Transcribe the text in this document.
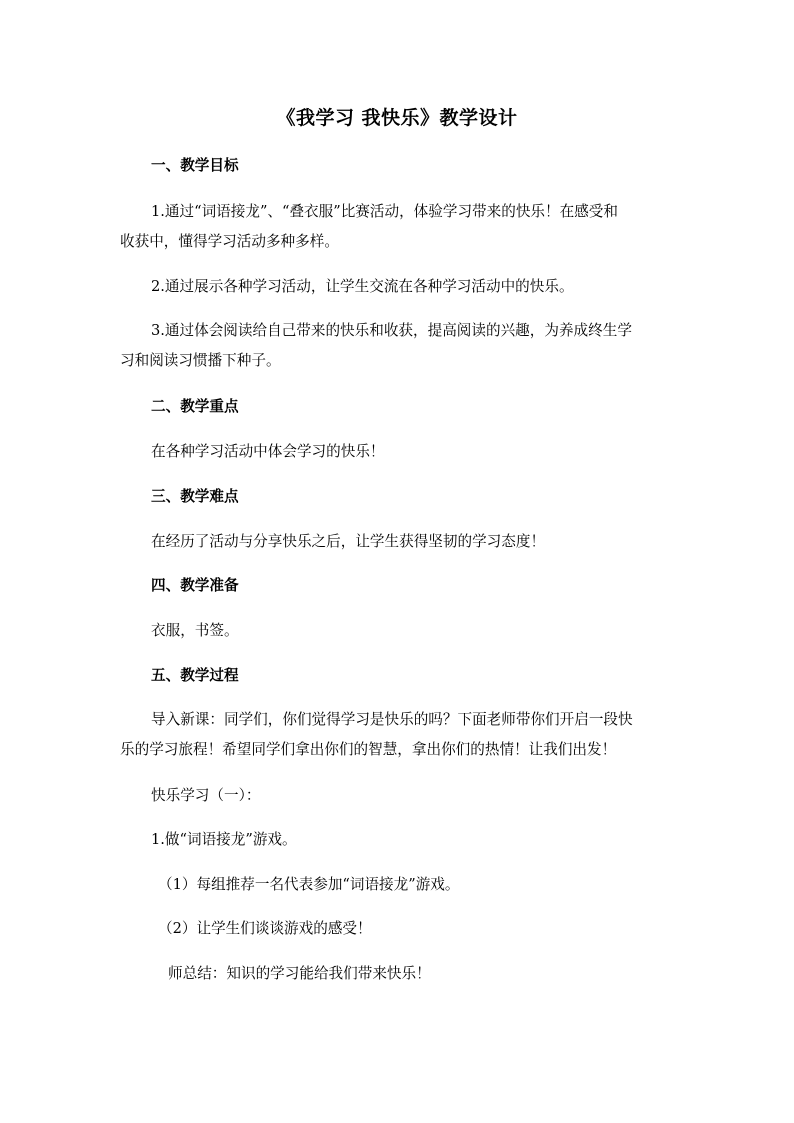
《我学习 我快乐》教学设计
一、教学目标
1.通过“词语接龙”、“叠衣服”比赛活动，体验学习带来的快乐！在感受和
收获中，懂得学习活动多种多样。
2.通过展示各种学习活动，让学生交流在各种学习活动中的快乐。
3.通过体会阅读给自己带来的快乐和收获，提高阅读的兴趣，为养成终生学
习和阅读习惯播下种子。
二、教学重点
在各种学习活动中体会学习的快乐！
三、教学难点
在经历了活动与分享快乐之后，让学生获得坚韧的学习态度！
四、教学准备
衣服，书签。
五、教学过程
导入新课：同学们，你们觉得学习是快乐的吗？下面老师带你们开启一段快
乐的学习旅程！希望同学们拿出你们的智慧，拿出你们的热情！让我们出发！
快乐学习（一）：
1.做“词语接龙”游戏。
（1）每组推荐一名代表参加“词语接龙”游戏。
（2）让学生们谈谈游戏的感受！
师总结：知识的学习能给我们带来快乐！
